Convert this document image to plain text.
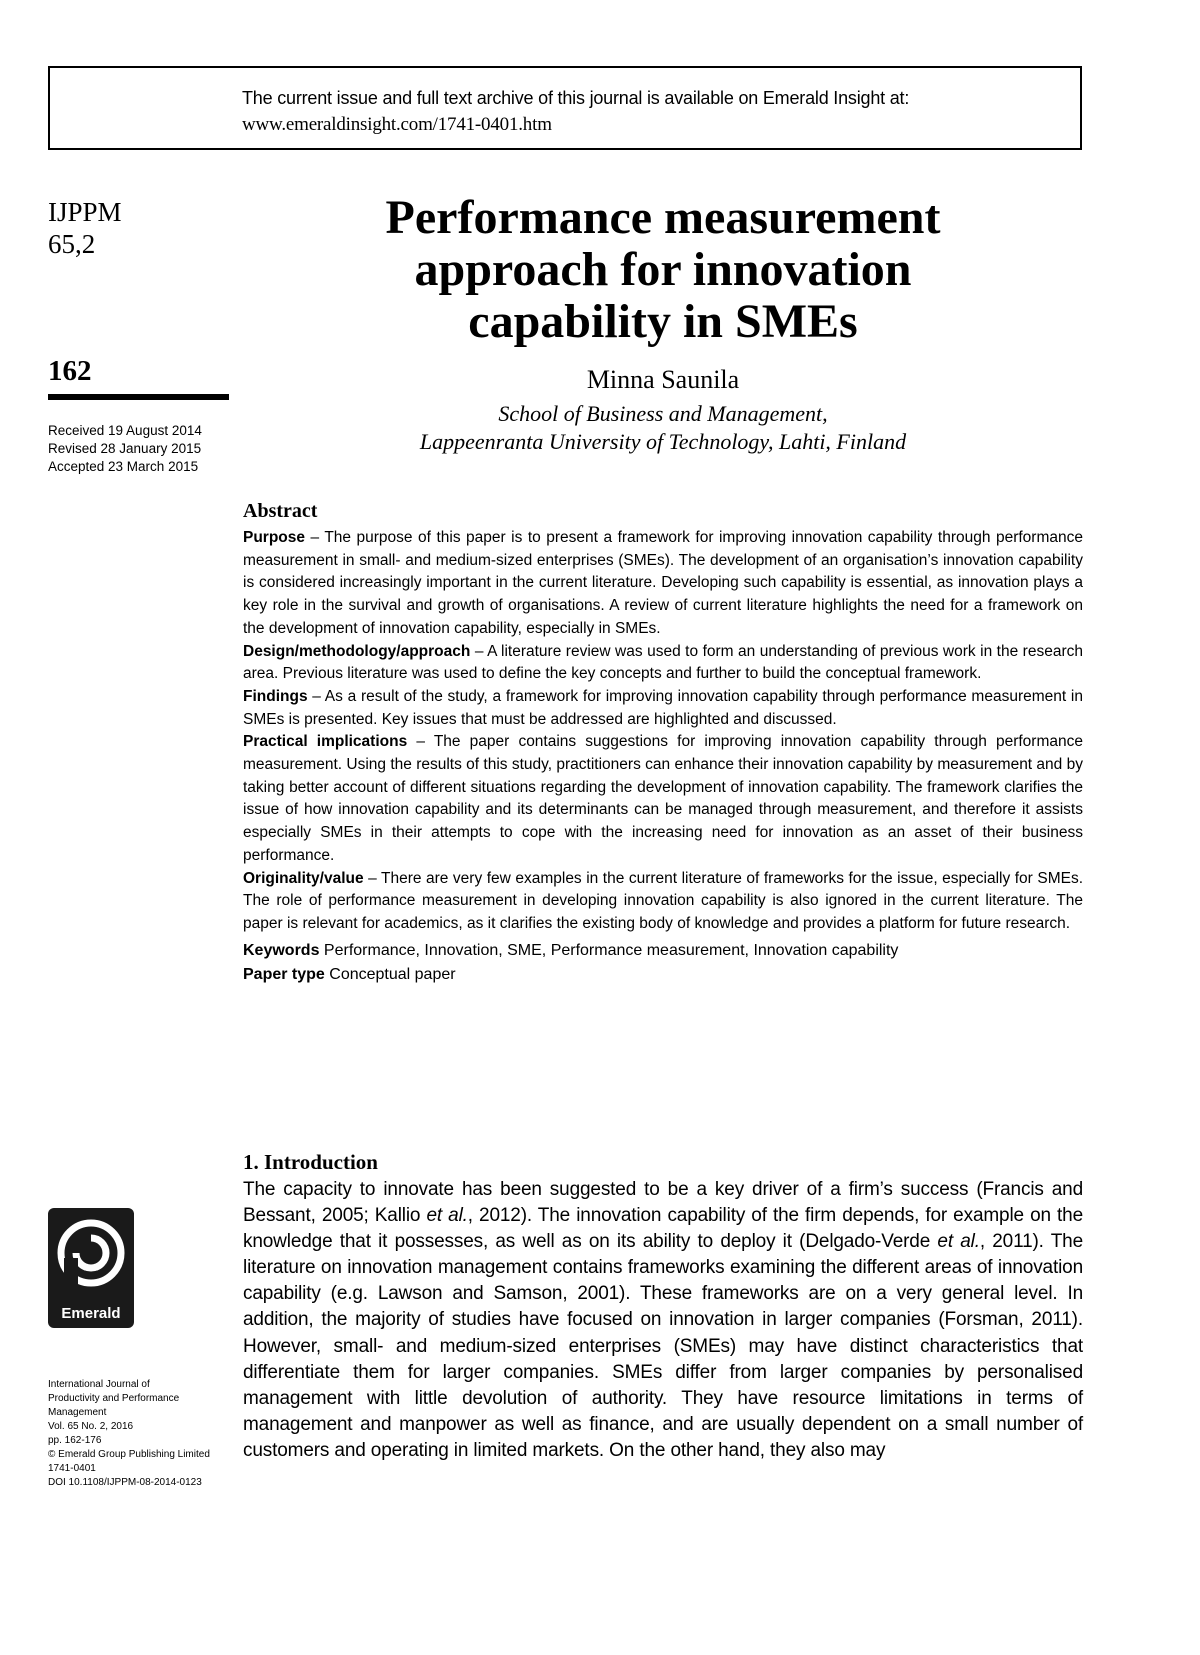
The current issue and full text archive of this journal is available on Emerald Insight at:
www.emeraldinsight.com/1741-0401.htm
IJPPM
65,2
162
Received 19 August 2014
Revised 28 January 2015
Accepted 23 March 2015
Performance measurement
approach for innovation
capability in SMEs
Minna Saunila
School of Business and Management,
Lappeenranta University of Technology, Lahti, Finland
Abstract

Purpose – The purpose of this paper is to present a framework for improving innovation capability through performance measurement in small- and medium-sized enterprises (SMEs). The development of an organisation’s innovation capability is considered increasingly important in the current literature. Developing such capability is essential, as innovation plays a key role in the survival and growth of organisations. A review of current literature highlights the need for a framework on the development of innovation capability, especially in SMEs.

Design/methodology/approach – A literature review was used to form an understanding of previous work in the research area. Previous literature was used to define the key concepts and further to build the conceptual framework.

Findings – As a result of the study, a framework for improving innovation capability through performance measurement in SMEs is presented. Key issues that must be addressed are highlighted and discussed.

Practical implications – The paper contains suggestions for improving innovation capability through performance measurement. Using the results of this study, practitioners can enhance their innovation capability by measurement and by taking better account of different situations regarding the development of innovation capability. The framework clarifies the issue of how innovation capability and its determinants can be managed through measurement, and therefore it assists especially SMEs in their attempts to cope with the increasing need for innovation as an asset of their business performance.

Originality/value – There are very few examples in the current literature of frameworks for the issue, especially for SMEs. The role of performance measurement in developing innovation capability is also ignored in the current literature. The paper is relevant for academics, as it clarifies the existing body of knowledge and provides a platform for future research.

Keywords Performance, Innovation, SME, Performance measurement, Innovation capability

Paper type Conceptual paper

1. Introduction

The capacity to innovate has been suggested to be a key driver of a firm’s success (Francis and Bessant, 2005; Kallio et al., 2012). The innovation capability of the firm depends, for example on the knowledge that it possesses, as well as on its ability to deploy it (Delgado-Verde et al., 2011). The literature on innovation management contains frameworks examining the different areas of innovation capability (e.g. Lawson and Samson, 2001). These frameworks are on a very general level. In addition, the majority of studies have focused on innovation in larger companies (Forsman, 2011). However, small- and medium-sized enterprises (SMEs) may have distinct characteristics that differentiate them for larger companies. SMEs differ from larger companies by personalised management with little devolution of authority. They have resource limitations in terms of management and manpower as well as finance, and are usually dependent on a small number of customers and operating in limited markets. On the other hand, they also may

Emerald
International Journal of
Productivity and Performance
Management
Vol. 65 No. 2, 2016
pp. 162-176
© Emerald Group Publishing Limited
1741-0401
DOI 10.1108/IJPPM-08-2014-0123
